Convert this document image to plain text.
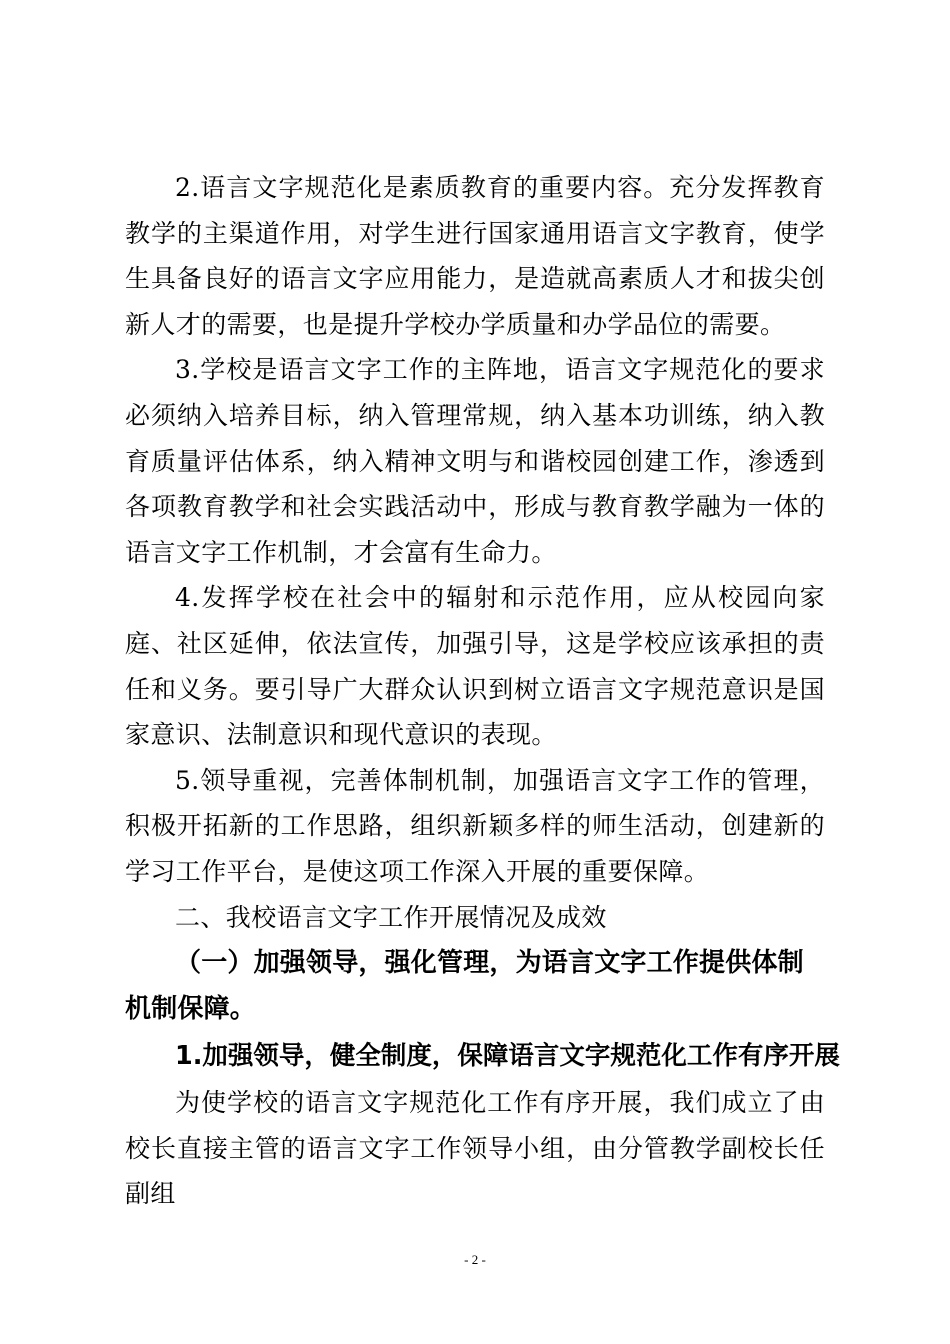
2.语言文字规范化是素质教育的重要内容。充分发挥教育教学的主渠道作用，对学生进行国家通用语言文字教育，使学生具备良好的语言文字应用能力，是造就高素质人才和拔尖创新人才的需要，也是提升学校办学质量和办学品位的需要。

3.学校是语言文字工作的主阵地，语言文字规范化的要求必须纳入培养目标，纳入管理常规，纳入基本功训练，纳入教育质量评估体系，纳入精神文明与和谐校园创建工作，渗透到各项教育教学和社会实践活动中，形成与教育教学融为一体的语言文字工作机制，才会富有生命力。

4.发挥学校在社会中的辐射和示范作用，应从校园向家庭、社区延伸，依法宣传，加强引导，这是学校应该承担的责任和义务。要引导广大群众认识到树立语言文字规范意识是国家意识、法制意识和现代意识的表现。

5.领导重视，完善体制机制，加强语言文字工作的管理，积极开拓新的工作思路，组织新颖多样的师生活动，创建新的学习工作平台，是使这项工作深入开展的重要保障。

二、我校语言文字工作开展情况及成效

（一）加强领导，强化管理，为语言文字工作提供体制机制保障。

1.加强领导，健全制度，保障语言文字规范化工作有序开展

为使学校的语言文字规范化工作有序开展，我们成立了由校长直接主管的语言文字工作领导小组，由分管教学副校长任副组

- 2 -
